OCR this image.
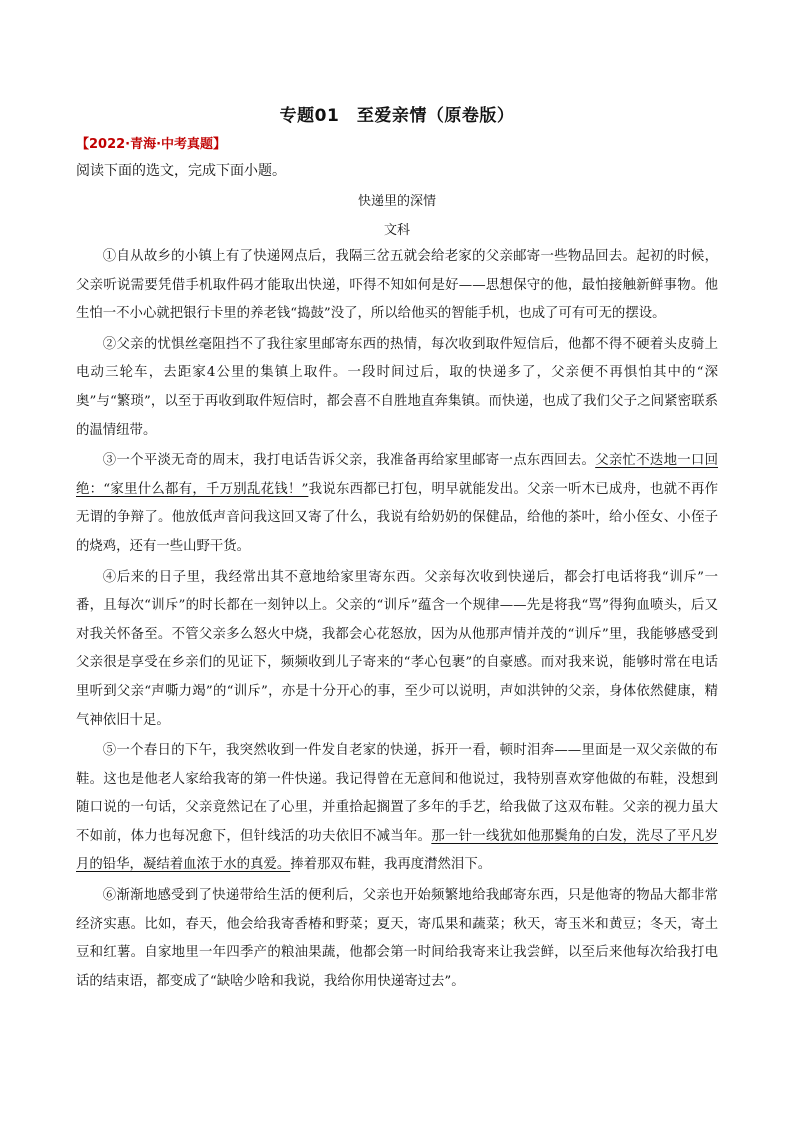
专题01　至爱亲情（原卷版）
【2022·青海·中考真题】
阅读下面的选文，完成下面小题。
快递里的深情
文科

①自从故乡的小镇上有了快递网点后，我隔三岔五就会给老家的父亲邮寄一些物品回去。起初的时候，父亲听说需要凭借手机取件码才能取出快递，吓得不知如何是好——思想保守的他，最怕接触新鲜事物。他生怕一不小心就把银行卡里的养老钱“捣鼓”没了，所以给他买的智能手机，也成了可有可无的摆设。

②父亲的忧惧丝毫阻挡不了我往家里邮寄东西的热情，每次收到取件短信后，他都不得不硬着头皮骑上电动三轮车，去距家4公里的集镇上取件。一段时间过后，取的快递多了，父亲便不再惧怕其中的“深奥”与“繁琐”，以至于再收到取件短信时，都会喜不自胜地直奔集镇。而快递，也成了我们父子之间紧密联系的温情纽带。

③一个平淡无奇的周末，我打电话告诉父亲，我准备再给家里邮寄一点东西回去。父亲忙不迭地一口回绝：“家里什么都有，千万别乱花钱！”我说东西都已打包，明早就能发出。父亲一听木已成舟，也就不再作无谓的争辩了。他放低声音问我这回又寄了什么，我说有给奶奶的保健品，给他的茶叶，给小侄女、小侄子的烧鸡，还有一些山野干货。

④后来的日子里，我经常出其不意地给家里寄东西。父亲每次收到快递后，都会打电话将我“训斥”一番，且每次“训斥”的时长都在一刻钟以上。父亲的“训斥”蕴含一个规律——先是将我“骂”得狗血喷头，后又对我关怀备至。不管父亲多么怒火中烧，我都会心花怒放，因为从他那声情并茂的“训斥”里，我能够感受到父亲很是享受在乡亲们的见证下，频频收到儿子寄来的“孝心包裹”的自豪感。而对我来说，能够时常在电话里听到父亲“声嘶力竭”的“训斥”，亦是十分开心的事，至少可以说明，声如洪钟的父亲，身体依然健康，精气神依旧十足。

⑤一个春日的下午，我突然收到一件发自老家的快递，拆开一看，顿时泪奔——里面是一双父亲做的布鞋。这也是他老人家给我寄的第一件快递。我记得曾在无意间和他说过，我特别喜欢穿他做的布鞋，没想到随口说的一句话，父亲竟然记在了心里，并重拾起搁置了多年的手艺，给我做了这双布鞋。父亲的视力虽大不如前，体力也每况愈下，但针线活的功夫依旧不减当年。那一针一线犹如他那鬓角的白发，洗尽了平凡岁月的铅华，凝结着血浓于水的真爱。捧着那双布鞋，我再度潸然泪下。

⑥渐渐地感受到了快递带给生活的便利后，父亲也开始频繁地给我邮寄东西，只是他寄的物品大都非常经济实惠。比如，春天，他会给我寄香椿和野菜；夏天，寄瓜果和蔬菜；秋天，寄玉米和黄豆；冬天，寄土豆和红薯。自家地里一年四季产的粮油果蔬，他都会第一时间给我寄来让我尝鲜，以至后来他每次给我打电话的结束语，都变成了“缺啥少啥和我说，我给你用快递寄过去”。
